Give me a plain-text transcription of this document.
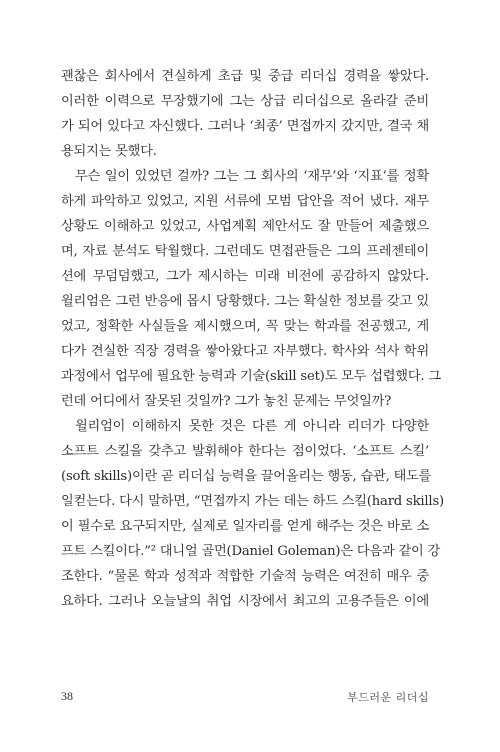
괜찮은 회사에서 견실하게 초급 및 중급 리더십 경력을 쌓았다.
이러한 이력으로 무장했기에 그는 상급 리더십으로 올라갈 준비
가 되어 있다고 자신했다. 그러나 ‘최종’ 면접까지 갔지만, 결국 채
용되지는 못했다.
무슨 일이 있었던 걸까? 그는 그 회사의 ‘재무’와 ‘지표’를 정확
하게 파악하고 있었고, 지원 서류에 모범 답안을 적어 냈다. 재무
상황도 이해하고 있었고, 사업계획 제안서도 잘 만들어 제출했으
며, 자료 분석도 탁월했다. 그런데도 면접관들은 그의 프레젠테이
션에 무덤덤했고, 그가 제시하는 미래 비전에 공감하지 않았다.
윌리엄은 그런 반응에 몹시 당황했다. 그는 확실한 정보를 갖고 있
었고, 정확한 사실들을 제시했으며, 꼭 맞는 학과를 전공했고, 게
다가 견실한 직장 경력을 쌓아왔다고 자부했다. 학사와 석사 학위
과정에서 업무에 필요한 능력과 기술(skill set)도 모두 섭렵했다. 그
런데 어디에서 잘못된 것일까? 그가 놓친 문제는 무엇일까?
윌리엄이 이해하지 못한 것은 다른 게 아니라 리더가 다양한
소프트 스킬을 갖추고 발휘해야 한다는 점이었다. ‘소프트 스킬’
(soft skills)이란 곧 리더십 능력을 끌어올리는 행동, 습관, 태도를
일컫는다. 다시 말하면, “면접까지 가는 데는 하드 스킬(hard skills)
이 필수로 요구되지만, 실제로 일자리를 얻게 해주는 것은 바로 소
프트 스킬이다.”² 대니얼 골먼(Daniel Goleman)은 다음과 같이 강
조한다. “물론 학과 성적과 적합한 기술적 능력은 여전히 매우 중
요하다. 그러나 오늘날의 취업 시장에서 최고의 고용주들은 이에
38	부드러운 리더십
